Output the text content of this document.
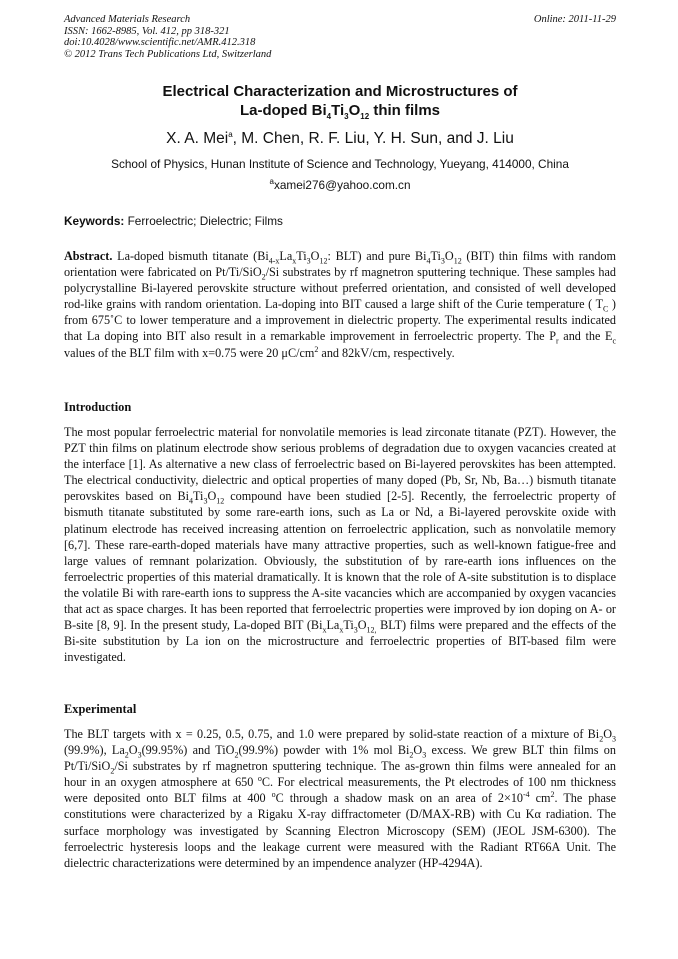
Advanced Materials Research
ISSN: 1662-8985, Vol. 412, pp 318-321
doi:10.4028/www.scientific.net/AMR.412.318
© 2012 Trans Tech Publications Ltd, Switzerland
Online: 2011-11-29
Electrical Characterization and Microstructures of
La-doped $Bi_4Ti_3O_{12}$ thin films
X. A. Mei$^a$, M. Chen, R. F. Liu, Y. H. Sun, and J. Liu
School of Physics, Hunan Institute of Science and Technology, Yueyang, 414000, China
$^a$xamei276@yahoo.com.cn
Keywords: Ferroelectric; Dielectric; Films
Abstract. La-doped bismuth titanate ($Bi_{4-x}La_xTi_3O_{12}$: BLT) and pure $Bi_4Ti_3O_{12}$ (BIT) thin films with random orientation were fabricated on Pt/Ti/SiO$_2$/Si substrates by rf magnetron sputtering technique. These samples had polycrystalline Bi-layered perovskite structure without preferred orientation, and consisted of well developed rod-like grains with random orientation. La-doping into BIT caused a large shift of the Curie temperature ( $T_C$ ) from 675˚C to lower temperature and a improvement in dielectric property. The experimental results indicated that La doping into BIT also result in a remarkable improvement in ferroelectric property. The $P_r$ and the $E_c$ values of the BLT film with x=0.75 were 20 $\mu C/cm^2$ and 82kV/cm, respectively.
Introduction
The most popular ferroelectric material for nonvolatile memories is lead zirconate titanate (PZT). However, the PZT thin films on platinum electrode show serious problems of degradation due to oxygen vacancies created at the interface [1]. As alternative a new class of ferroelectric based on Bi-layered perovskites has been attempted. The electrical conductivity, dielectric and optical properties of many doped (Pb, Sr, Nb, Ba…) bismuth titanate perovskites based on $Bi_4Ti_3O_{12}$ compound have been studied [2-5]. Recently, the ferroelectric property of bismuth titanate substituted by some rare-earth ions, such as La or Nd, a Bi-layered perovskite oxide with platinum electrode has received increasing attention on ferroelectric application, such as nonvolatile memory [6,7]. These rare-earth-doped materials have many attractive properties, such as well-known fatigue-free and large values of remnant polarization. Obviously, the substitution of by rare-earth ions influences on the ferroelectric properties of this material dramatically. It is known that the role of A-site substitution is to displace the volatile Bi with rare-earth ions to suppress the A-site vacancies which are accompanied by oxygen vacancies that act as space charges. It has been reported that ferroelectric properties were improved by ion doping on A- or B-site [8, 9]. In the present study, La-doped BIT ($Bi_xLa_xTi_3O_{12,}$ BLT) films were prepared and the effects of the Bi-site substitution by La ion on the microstructure and ferroelectric properties of BIT-based film were investigated.
Experimental
The BLT targets with x = 0.25, 0.5, 0.75, and 1.0 were prepared by solid-state reaction of a mixture of $Bi_2O_3$ (99.9%), $La_2O_3(99.95\%)$ and TiO$_2$(99.9%) powder with 1% mol $Bi_2O_3$ excess. We grew BLT thin films on Pt/Ti/SiO$_2$/Si substrates by rf magnetron sputtering technique. The as-grown thin films were annealed for an hour in an oxygen atmosphere at 650 $^o$C. For electrical measurements, the Pt electrodes of 100 nm thickness were deposited onto BLT films at 400 $^o$C through a shadow mask on an area of $2\times 10^{-4}$ $cm^2$. The phase constitutions were characterized by a Rigaku X-ray diffractometer (D/MAX-RB) with Cu Kα radiation. The surface morphology was investigated by Scanning Electron Microscopy (SEM) (JEOL JSM-6300). The ferroelectric hysteresis loops and the leakage current were measured with the Radiant RT66A Unit. The dielectric characterizations were determined by an impendence analyzer (HP-4294A).
